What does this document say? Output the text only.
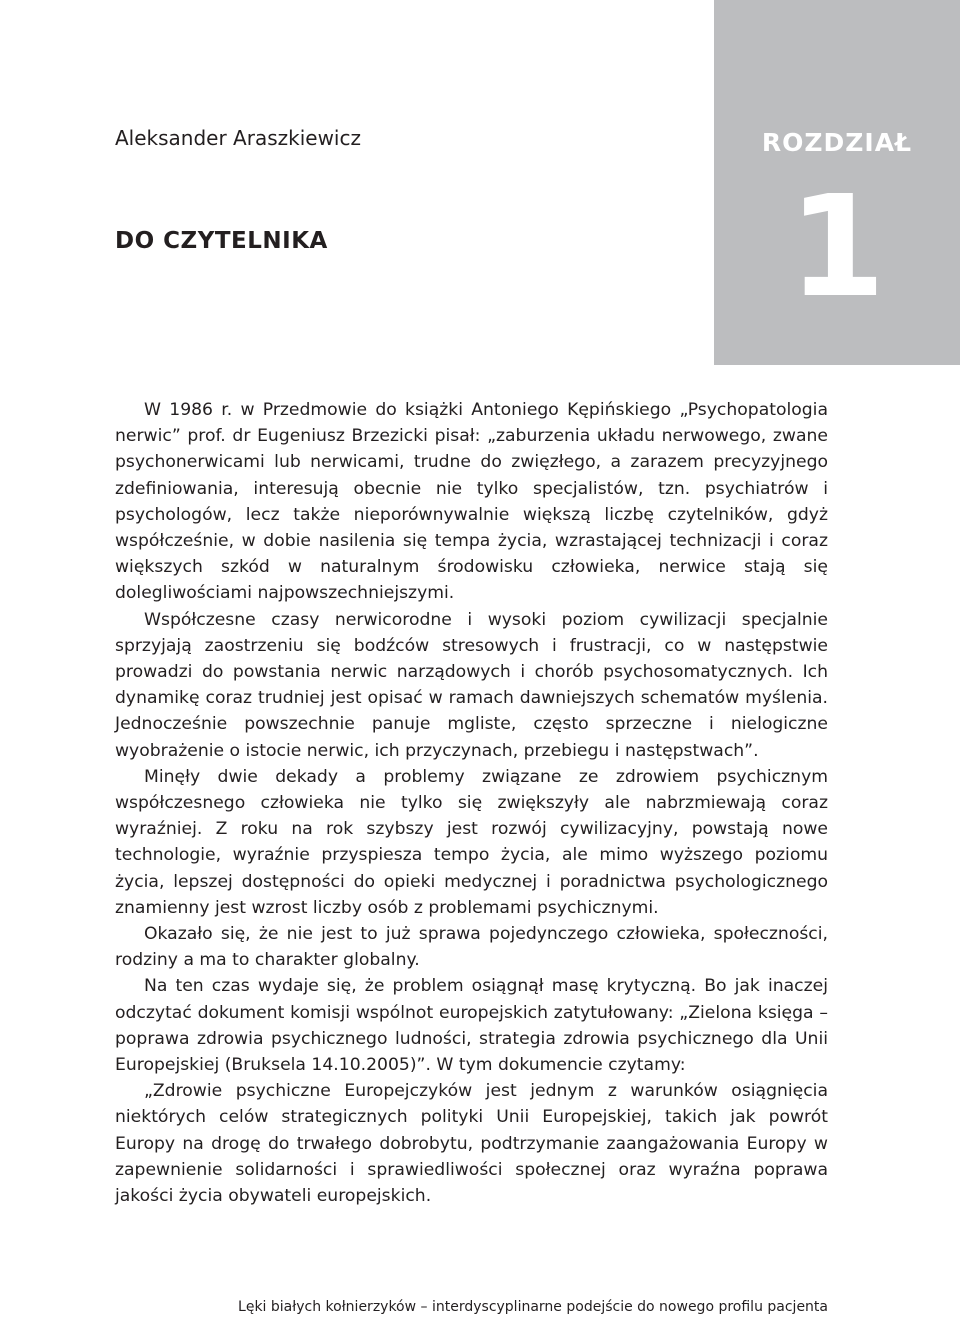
ROZDZIAŁ
1
Aleksander Araszkiewicz
DO CZYTELNIKA

W 1986 r. w Przedmowie do książki Antoniego Kępińskiego „Psychopatologia nerwic” prof. dr Eugeniusz Brzezicki pisał: „zaburzenia układu nerwowego, zwane psychonerwicami lub nerwicami, trudne do zwięzłego, a zarazem precyzyjnego zdefiniowania, interesują obecnie nie tylko specjalistów, tzn. psychiatrów i psychologów, lecz także nieporównywalnie większą liczbę czytelników, gdyż współcześnie, w dobie nasilenia się tempa życia, wzrastającej technizacji i coraz większych szkód w naturalnym środowisku człowieka, nerwice stają się dolegliwościami najpowszechniejszymi.

Współczesne czasy nerwicorodne i wysoki poziom cywilizacji specjalnie sprzyjają zaostrzeniu się bodźców stresowych i frustracji, co w następstwie prowadzi do powstania nerwic narządowych i chorób psychosomatycznych. Ich dynamikę coraz trudniej jest opisać w ramach dawniejszych schematów myślenia. Jednocześnie powszechnie panuje mgliste, często sprzeczne i nielogiczne wyobrażenie o istocie nerwic, ich przyczynach, przebiegu i następstwach”.

Minęły dwie dekady a problemy związane ze zdrowiem psychicznym współczesnego człowieka nie tylko się zwiększyły ale nabrzmiewają coraz wyraźniej. Z roku na rok szybszy jest rozwój cywilizacyjny, powstają nowe technologie, wyraźnie przyspiesza tempo życia, ale mimo wyższego poziomu życia, lepszej dostępności do opieki medycznej i poradnictwa psychologicznego znamienny jest wzrost liczby osób z problemami psychicznymi.

Okazało się, że nie jest to już sprawa pojedynczego człowieka, społeczności, rodziny a ma to charakter globalny.

Na ten czas wydaje się, że problem osiągnął masę krytyczną. Bo jak inaczej odczytać dokument komisji wspólnot europejskich zatytułowany: „Zielona księga – poprawa zdrowia psychicznego ludności, strategia zdrowia psychicznego dla Unii Europejskiej (Bruksela 14.10.2005)”. W tym dokumencie czytamy:

„Zdrowie psychiczne Europejczyków jest jednym z warunków osiągnięcia niektórych celów strategicznych polityki Unii Europejskiej, takich jak powrót Europy na drogę do trwałego dobrobytu, podtrzymanie zaangażowania Europy w zapewnienie solidarności i sprawiedliwości społecznej oraz wyraźna poprawa jakości życia obywateli europejskich.

Lęki białych kołnierzyków – interdyscyplinarne podejście do nowego profilu pacjenta
